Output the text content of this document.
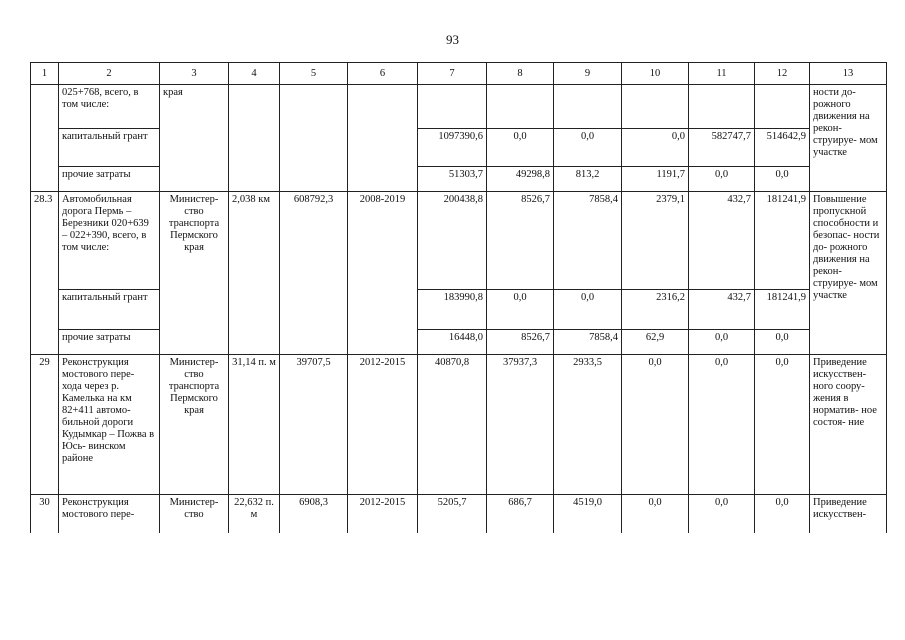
93
1	2	3	4	5	6	7	8	9	10	11	12	13
	025+768, всего, в том числе:	края										ности до- рожного движения на рекон- струируе- мом участке
	капитальный грант					1097390,6	0,0	0,0	0,0	582747,7	514642,9	
	прочие затраты					51303,7	49298,8	813,2	1191,7	0,0	0,0	
28.3	Автомобильная дорога Пермь – Березники 020+639 – 022+390, всего, в том числе:	Министер- ство транспорта Пермского края	2,038 км	608792,3	2008-2019	200438,8	8526,7	7858,4	2379,1	432,7	181241,9	Повышение пропускной способности и безопас- ности до- рожного движения на рекон- струируе- мом участке
	капитальный грант					183990,8	0,0	0,0	2316,2	432,7	181241,9	
	прочие затраты					16448,0	8526,7	7858,4	62,9	0,0	0,0	
29	Реконструкция мостового пере- хода через р. Камелька на км 82+411 автомо- бильной дороги Кудымкар – Пожва в Юсь- винском районе	Министер- ство транспорта Пермского края	31,14 п. м	39707,5	2012-2015	40870,8	37937,3	2933,5	0,0	0,0	0,0	Приведение искусствен- ного соору- жения в норматив- ное состоя- ние
30	Реконструкция мостового пере-	Министер- ство	22,632 п. м	6908,3	2012-2015	5205,7	686,7	4519,0	0,0	0,0	0,0	Приведение искусствен-
